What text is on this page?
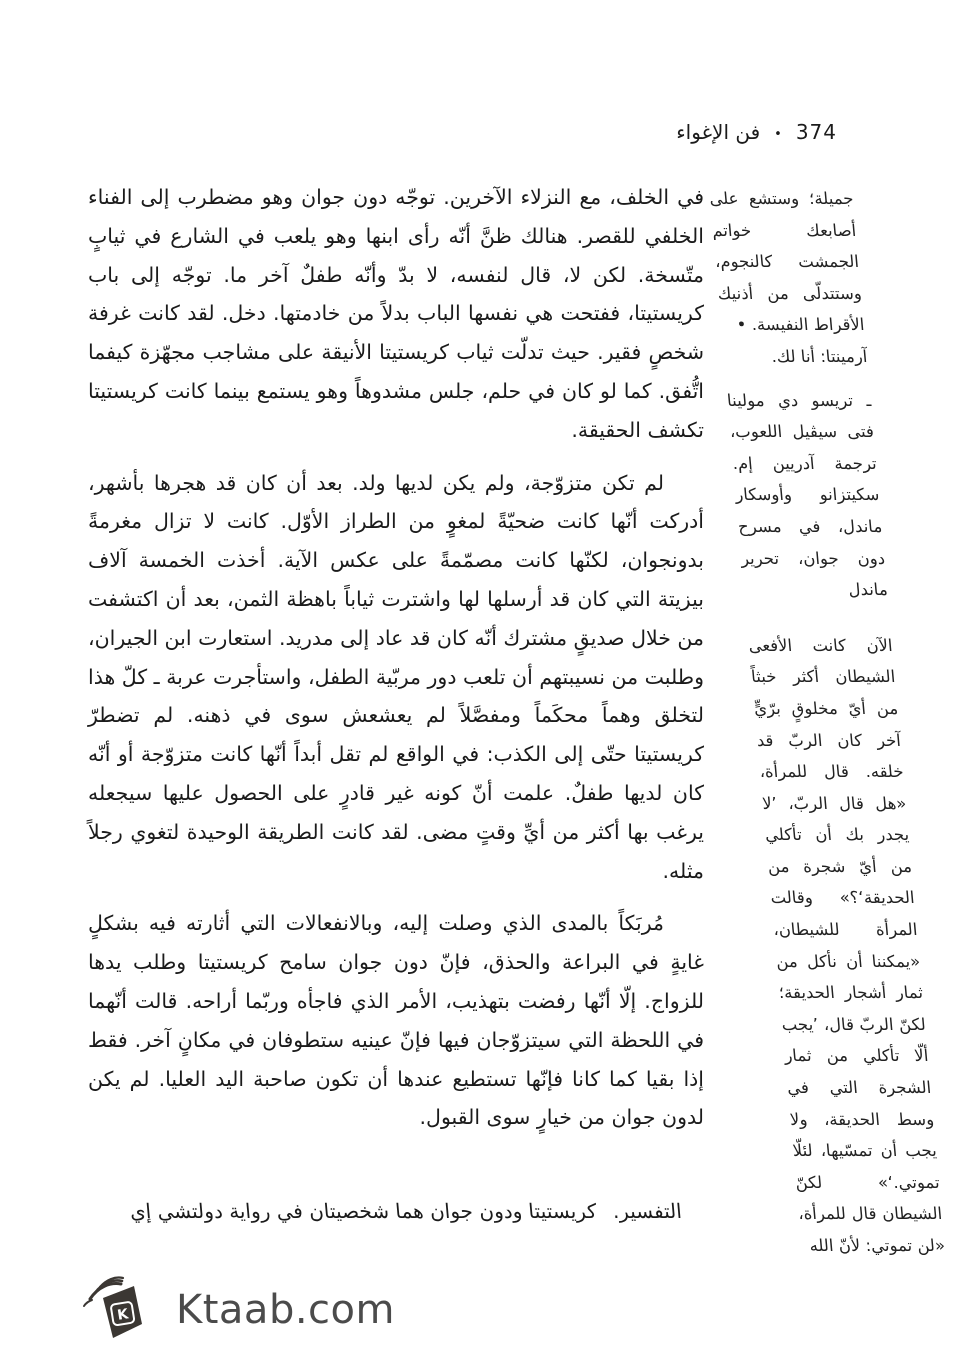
374
•
فن الإغواء
جميلة؛ وستشع على أصابعك خواتم الجمشت كالنجوم، وستتدلّى من أذنيك الأقراط النفيسة. •
آرمينتا: أنا لك.
ـ تريسو دي مولينا فتى سيڤيل اللعوب، ترجمة آدريين إم. سكيتزانو وأوسكار ماندل، في مسرح دون جوان، تحرير ماندل
الآن كانت الأفعى الشيطان أكثر خبثاً من أيّ مخلوقٍ برّيٍّ آخر كان الربّ قد خلقه. قال للمرأة، «هل قال الربّ، ’لا يجدر بك أن تأكلي من أيّ شجرة من الحديقة‘؟» وقالت المرأة للشيطان، «يمكننا أن نأكل من ثمار أشجار الحديقة؛ لكنّ الربّ قال، ’يجب ألّا تأكلي من ثمار الشجرة التي في وسط الحديقة، ولا يجب أن تمسّيها، لئلّا تموتي.‘» لكنّ الشيطان قال للمرأة، «لن تموتي: لأنّ الله

في الخلف، مع النزلاء الآخرين. توجّه دون جوان وهو مضطرب إلى الفناء الخلفي للقصر. هنالك ظنَّ أنّه رأى ابنها وهو يلعب في الشارع في ثيابٍ متّسخة. لكن لا، قال لنفسه، لا بدّ وأنّه طفلٌ آخر ما. توجّه إلى باب كريستيتا، ففتحت هي نفسها الباب بدلاً من خادمتها. دخل. لقد كانت غرفة شخصٍ فقير. حيث تدلّت ثياب كريستيتا الأنيقة على مشاجب مجهّزة كيفما اتُّفق. كما لو كان في حلم، جلس مشدوهاً وهو يستمع بينما كانت كريستيتا تكشف الحقيقة.

لم تكن متزوّجة، ولم يكن لديها ولد. بعد أن كان قد هجرها بأشهر، أدركت أنّها كانت ضحيّةً لمغوٍ من الطراز الأوّل. كانت لا تزال مغرمةً بدونجوان، لكنّها كانت مصمّمةً على عكس الآية. أخذت الخمسة آلاف بيزيتة التي كان قد أرسلها لها واشترت ثياباً باهظة الثمن، بعد أن اكتشفت من خلال صديقٍ مشترك أنّه كان قد عاد إلى مدريد. استعارت ابن الجيران، وطلبت من نسيبتهم أن تلعب دور مربّية الطفل، واستأجرت عربة ـ كلّ هذا لتخلق وهماً محكَماً ومفصَّلاً لم يعشعش سوى في ذهنه. لم تضطرّ كريستيتا حتّى إلى الكذب: في الواقع لم تقل أبداً أنّها كانت متزوّجة أو أنّه كان لديها طفلٌ. علمت أنّ كونه غير قادرٍ على الحصول عليها سيجعله يرغب بها أكثر من أيِّ وقتٍ مضى. لقد كانت الطريقة الوحيدة لتغوي رجلاً مثله.

مُربَكاً بالمدى الذي وصلت إليه، وبالانفعالات التي أثارته فيه بشكلٍ غايةٍ في البراعة والحذق، فإنّ دون جوان سامح كريستيتا وطلب يدها للزواج. إلّا أنّها رفضت بتهذيب، الأمر الذي فاجأه وربّما أراحه. قالت أنّهما في اللحظة التي سيتزوّجان فيها فإنّ عينيه ستطوفان في مكانٍ آخر. فقط إذا بقيا كما كانا فإنّها تستطيع عندها أن تكون صاحبة اليد العليا. لم يكن لدون جوان من خيارٍ سوى القبول.

التفسير.كريستيتا ودون جوان هما شخصيتان في رواية دولتشي إي
K Ktaab.com
